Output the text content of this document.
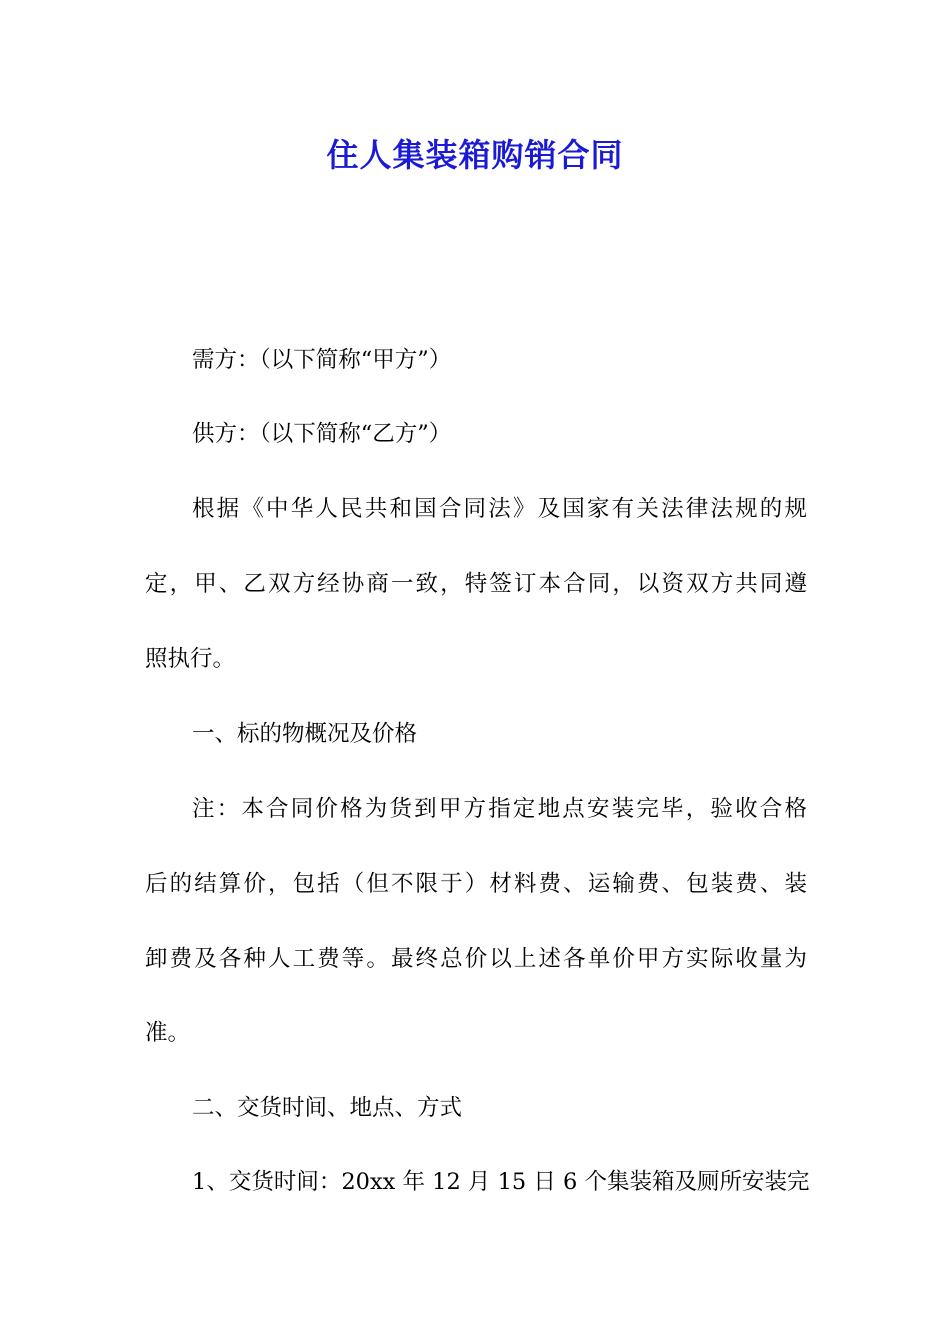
住人集装箱购销合同
需方：（以下简称“甲方”）
供方：（以下简称“乙方”）
根据《中华人民共和国合同法》及国家有关法律法规的规
定，甲、乙双方经协商一致，特签订本合同，以资双方共同遵
照执行。
一、标的物概况及价格
注：本合同价格为货到甲方指定地点安装完毕，验收合格
后的结算价，包括（但不限于）材料费、运输费、包装费、装
卸费及各种人工费等。最终总价以上述各单价甲方实际收量为
准。
二、交货时间、地点、方式
1、交货时间：20xx 年 12 月 15 日 6 个集装箱及厕所安装完
